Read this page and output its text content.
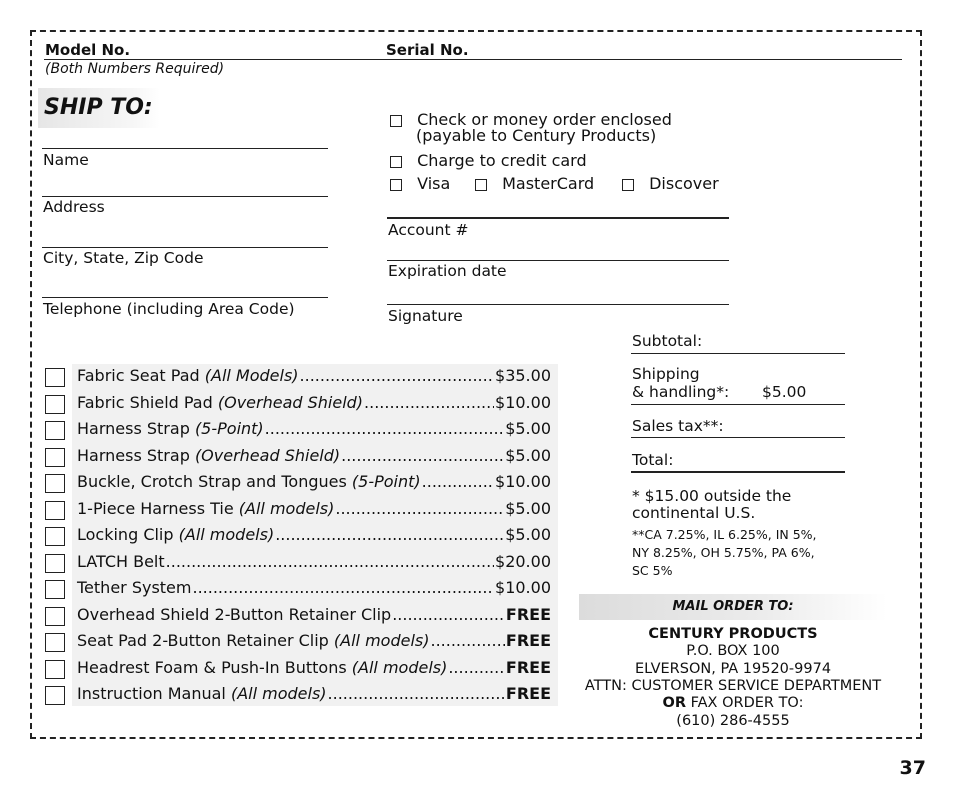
Model No.	Serial No.
(Both Numbers Required)
SHIP TO:
Name
Address
City, State, Zip Code
Telephone (including Area Code)
Check or money order enclosed
(payable to Century Products)
Charge to credit card
Visa	MasterCard	Discover
Account #
Expiration date
Signature
Fabric Seat Pad (All Models) .....	$35.00
Fabric Shield Pad (Overhead Shield) .....	$10.00
Harness Strap (5-Point) .....	$5.00
Harness Strap (Overhead Shield) .....	$5.00
Buckle, Crotch Strap and Tongues (5-Point) .....	$10.00
1-Piece Harness Tie (All models) .....	$5.00
Locking Clip (All models) .....	$5.00
LATCH Belt .....	$20.00
Tether System .....	$10.00
Overhead Shield 2-Button Retainer Clip .....	FREE
Seat Pad 2-Button Retainer Clip (All models) .....	FREE
Headrest Foam & Push-In Buttons (All models) .....	FREE
Instruction Manual (All models) .....	FREE
Subtotal:
Shipping
& handling*: $5.00
Sales tax**:
Total:
* $15.00 outside the
continental U.S.
**CA 7.25%, IL 6.25%, IN 5%,
NY 8.25%, OH 5.75%, PA 6%,
SC 5%
MAIL ORDER TO:
CENTURY PRODUCTS
P.O. BOX 100
ELVERSON, PA 19520-9974
ATTN: CUSTOMER SERVICE DEPARTMENT
OR FAX ORDER TO:
(610) 286-4555
37
